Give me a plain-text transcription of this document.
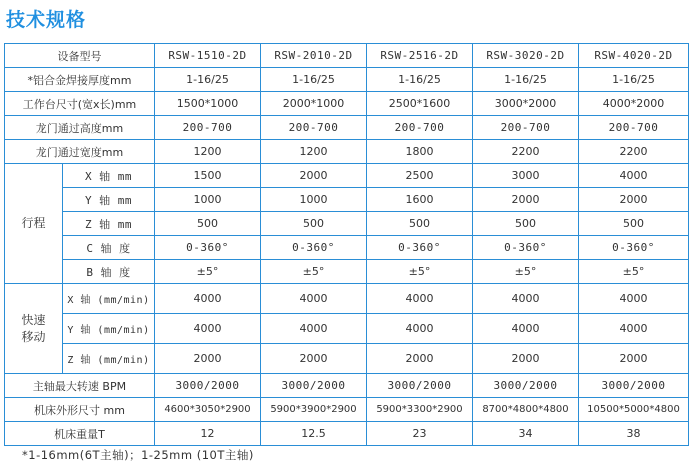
技术规格
设备型号		RSW-1510-2D	RSW-2010-2D	RSW-2516-2D	RSW-3020-2D	RSW-4020-2D
*铝合金焊接厚度mm		1-16/25	1-16/25	1-16/25	1-16/25	1-16/25
工作台尺寸(宽x长)mm		1500*1000	2000*1000	2500*1600	3000*2000	4000*2000
龙门通过高度mm		200-700	200-700	200-700	200-700	200-700
龙门通过宽度mm		1200	1200	1800	2200	2200
行程	X 轴 mm	1500	2000	2500	3000	4000
	Y 轴 mm	1000	1000	1600	2000	2000
	Z 轴 mm	500	500	500	500	500
	C 轴 度	0-360°	0-360°	0-360°	0-360°	0-360°
	B 轴 度	±5°	±5°	±5°	±5°	±5°
快速
移动	X 轴 (mm/min)	4000	4000	4000	4000	4000
	Y 轴 (mm/min)	4000	4000	4000	4000	4000
	Z 轴 (mm/min)	2000	2000	2000	2000	2000
主轴最大转速 BPM		3000/2000	3000/2000	3000/2000	3000/2000	3000/2000
机床外形尺寸 mm		4600*3050*2900	5900*3900*2900	5900*3300*2900	8700*4800*4800	10500*5000*4800
机床重量T		12	12.5	23	34	38
*1-16mm(6T主轴)；1-25mm (10T主轴)
